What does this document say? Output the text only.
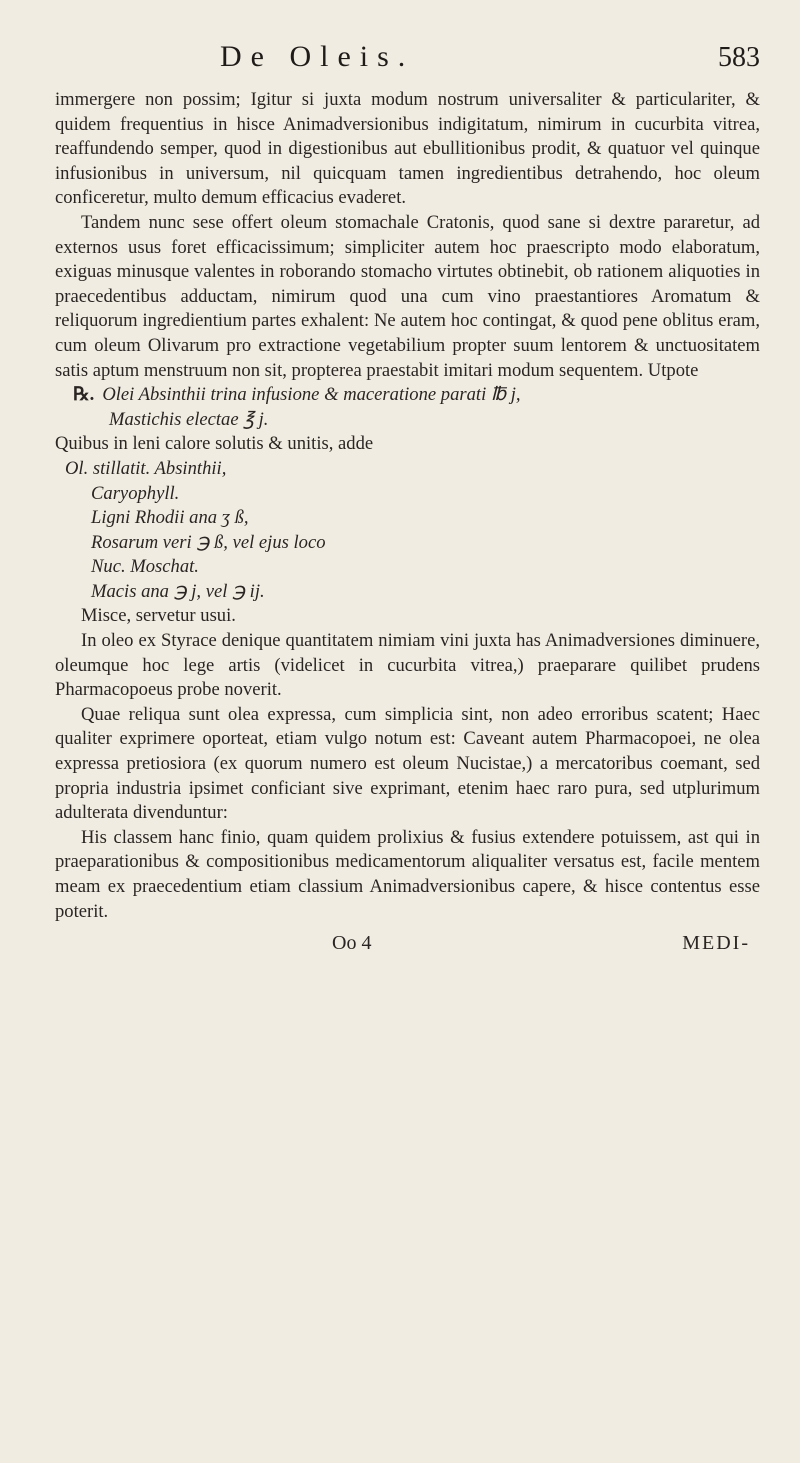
De Oleis.	583

immergere non possim; Igitur si juxta modum nostrum universaliter & particulariter, & quidem frequentius in hisce Animadversionibus indigitatum, nimirum in cucurbita vitrea, reaffundendo semper, quod in digestionibus aut ebullitionibus prodit, & quatuor vel quinque infusionibus in universum, nil quicquam tamen ingredientibus detrahendo, hoc oleum conficeretur, multo demum efficacius evaderet.

Tandem nunc sese offert oleum stomachale Cratonis, quod sane si dextre pararetur, ad externos usus foret efficacissimum; simpliciter autem hoc praescripto modo elaboratum, exiguas minusque valentes in roborando stomacho virtutes obtinebit, ob rationem aliquoties in praecedentibus adductam, nimirum quod una cum vino praestantiores Aromatum & reliquorum ingredientium partes exhalent: Ne autem hoc contingat, & quod pene oblitus eram, cum oleum Olivarum pro extractione vegetabilium propter suum lentorem & unctuositatem satis aptum menstruum non sit, propterea praestabit imitari modum sequentem. Utpote

℞. Olei Absinthii trina infusione & maceratione parati ℔ j,
Mastichis electae ℥ j.

Quibus in leni calore solutis & unitis, adde

Ol. stillatit. Absinthii,
Caryophyll.
Ligni Rhodii ana ʒ ß,
Rosarum veri ℈ ß, vel ejus loco
Nuc. Moschat.
Macis ana ℈ j, vel ℈ ij.

Misce, servetur usui.

In oleo ex Styrace denique quantitatem nimiam vini juxta has Animadversiones diminuere, oleumque hoc lege artis (videlicet in cucurbita vitrea,) praeparare quilibet prudens Pharmacopoeus probe noverit.

Quae reliqua sunt olea expressa, cum simplicia sint, non adeo erroribus scatent; Haec qualiter exprimere oporteat, etiam vulgo notum est: Caveant autem Pharmacopoei, ne olea expressa pretiosiora (ex quorum numero est oleum Nucistae,) a mercatoribus coemant, sed propria industria ipsimet conficiant sive exprimant, etenim haec raro pura, sed utplurimum adulterata divenduntur:

His classem hanc finio, quam quidem prolixius & fusius extendere potuissem, ast qui in praeparationibus & compositionibus medicamentorum aliqualiter versatus est, facile mentem meam ex praecedentium etiam classium Animadversionibus capere, & hisce contentus esse poterit.

Oo 4	MEDI-
